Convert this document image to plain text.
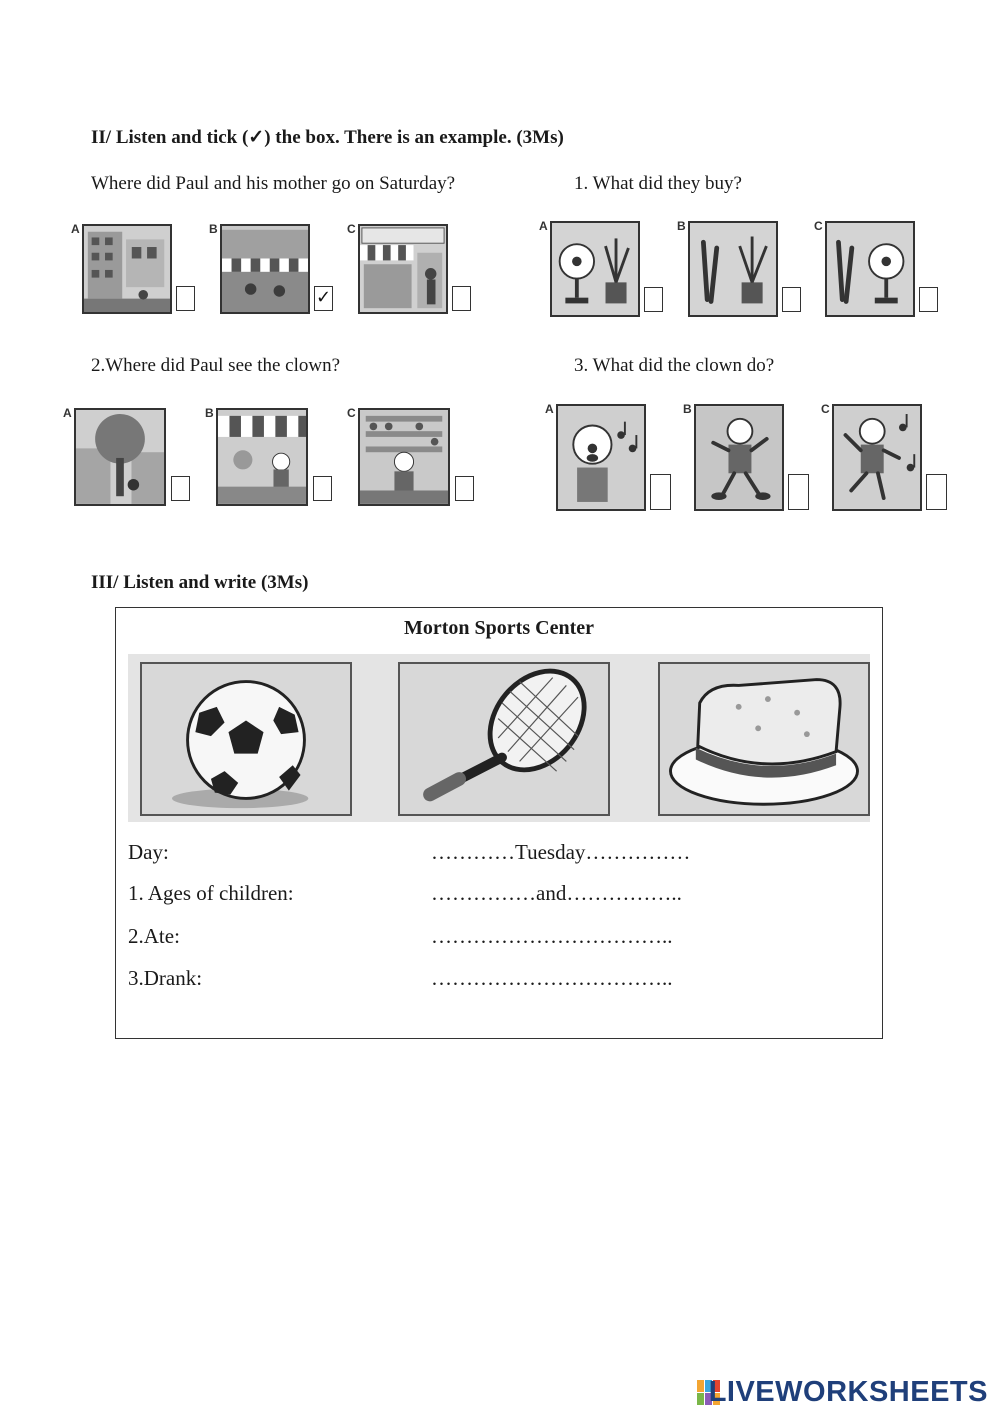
II/ Listen and tick (✓) the box. There is an example. (3Ms)
Where did Paul and his mother go on Saturday?	1. What did they buy?
2.Where did Paul see the clown?	3. What did the clown do?
A	B
✓
C	A	B	C
A	B	C	A	B	C
III/ Listen and write (3Ms)
Morton Sports Center
Day:	…………Tuesday……………
1. Ages of children:	……………and……………..
2.Ate:	……………………………..
3.Drank:	……………………………..
LIVEWORKSHEETS
